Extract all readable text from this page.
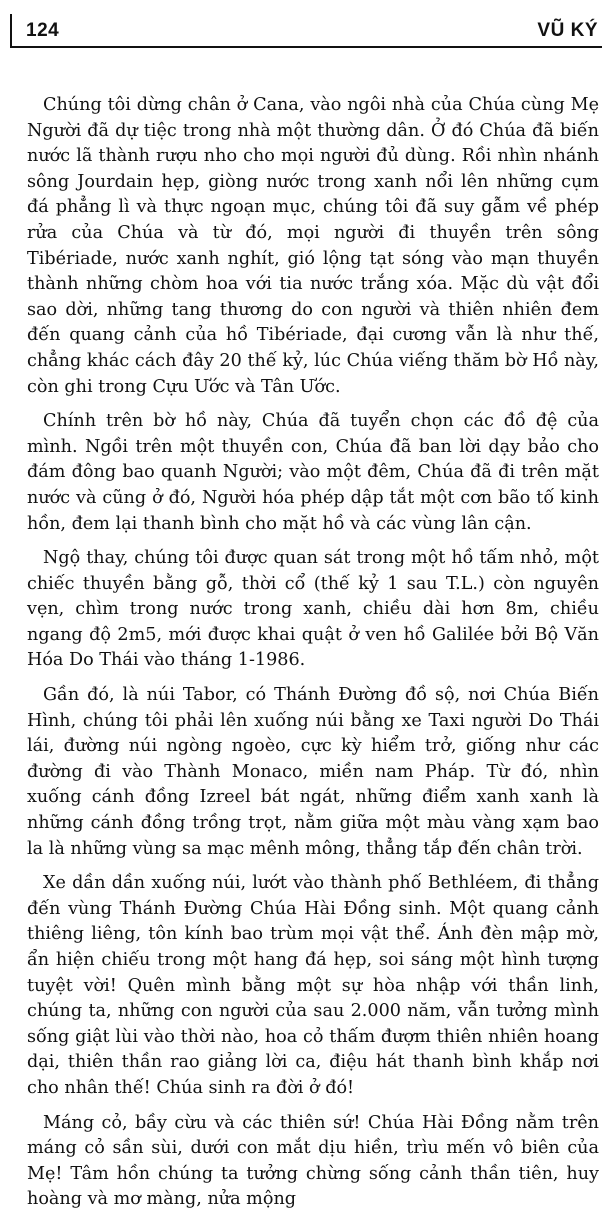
124	VŨ KÝ

Chúng tôi dừng chân ở Cana, vào ngôi nhà của Chúa cùng Mẹ Người đã dự tiệc trong nhà một thường dân. Ở đó Chúa đã biến nước lã thành rượu nho cho mọi người đủ dùng. Rồi nhìn nhánh sông Jourdain hẹp, giòng nước trong xanh nổi lên những cụm đá phẳng lì và thực ngoạn mục, chúng tôi đã suy gẫm về phép rửa của Chúa và từ đó, mọi người đi thuyền trên sông Tibériade, nước xanh nghít, gió lộng tạt sóng vào mạn thuyền thành những chòm hoa với tia nước trắng xóa. Mặc dù vật đổi sao dời, những tang thương do con người và thiên nhiên đem đến quang cảnh của hồ Tibériade, đại cương vẫn là như thế, chẳng khác cách đây 20 thế kỷ, lúc Chúa viếng thăm bờ Hồ này, còn ghi trong Cựu Ước và Tân Ước.

Chính trên bờ hồ này, Chúa đã tuyển chọn các đồ đệ của mình. Ngồi trên một thuyền con, Chúa đã ban lời dạy bảo cho đám đông bao quanh Người; vào một đêm, Chúa đã đi trên mặt nước và cũng ở đó, Người hóa phép dập tắt một cơn bão tố kinh hồn, đem lại thanh bình cho mặt hồ và các vùng lân cận.

Ngộ thay, chúng tôi được quan sát trong một hồ tấm nhỏ, một chiếc thuyền bằng gỗ, thời cổ (thế kỷ 1 sau T.L.) còn nguyên vẹn, chìm trong nước trong xanh, chiều dài hơn 8m, chiều ngang độ 2m5, mới được khai quật ở ven hồ Galilée bởi Bộ Văn Hóa Do Thái vào tháng 1-1986.

Gần đó, là núi Tabor, có Thánh Đường đồ sộ, nơi Chúa Biến Hình, chúng tôi phải lên xuống núi bằng xe Taxi người Do Thái lái, đường núi ngòng ngoèo, cực kỳ hiểm trở, giống như các đường đi vào Thành Monaco, miền nam Pháp. Từ đó, nhìn xuống cánh đồng Izreel bát ngát, những điểm xanh xanh là những cánh đồng trồng trọt, nằm giữa một màu vàng xạm bao la là những vùng sa mạc mênh mông, thẳng tắp đến chân trời.

Xe dần dần xuống núi, lướt vào thành phố Bethléem, đi thẳng đến vùng Thánh Đường Chúa Hài Đồng sinh. Một quang cảnh thiêng liêng, tôn kính bao trùm mọi vật thể. Ánh đèn mập mờ, ẩn hiện chiếu trong một hang đá hẹp, soi sáng một hình tượng tuyệt vời! Quên mình bằng một sự hòa nhập với thần linh, chúng ta, những con người của sau 2.000 năm, vẫn tưởng mình sống giật lùi vào thời nào, hoa cỏ thấm đượm thiên nhiên hoang dại, thiên thần rao giảng lời ca, điệu hát thanh bình khắp nơi cho nhân thế! Chúa sinh ra đời ở đó!

Máng cỏ, bầy cừu và các thiên sứ! Chúa Hài Đồng nằm trên máng cỏ sần sùi, dưới con mắt dịu hiền, trìu mến vô biên của Mẹ! Tâm hồn chúng ta tưởng chừng sống cảnh thần tiên, huy hoàng và mơ màng, nửa mộng
